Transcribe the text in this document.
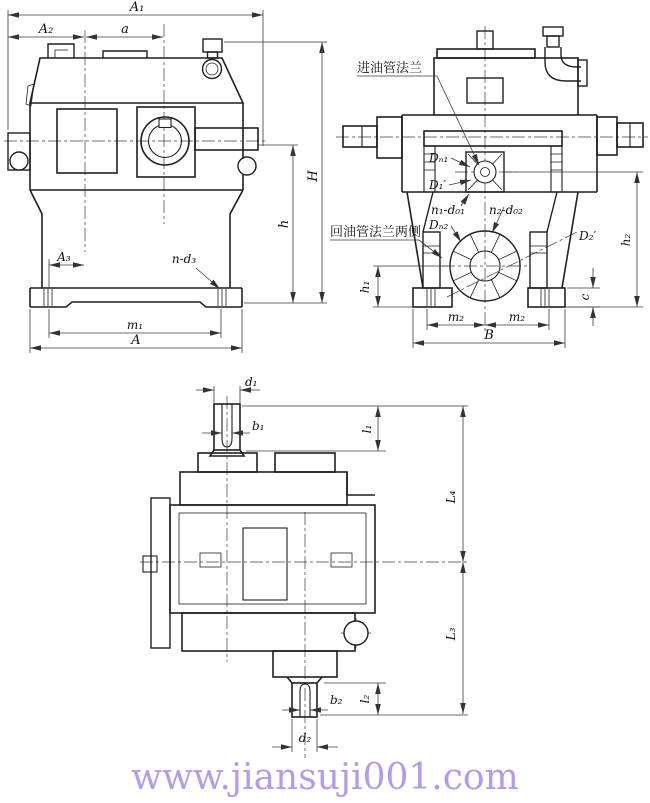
A₁
A₂	a
A₃	n-d₃
m₁
A
h
H
进油管法兰
Dₙ₁
D₁′
n₁-d₀₁ n₂-d₀₂
回油管法兰两侧 Dₙ₂
D₂′
h₁
h₂
c
m₂	m₂
B
d₁
b₁	l₁
L₄
L₃
l₂
b₂
d₂
www.jiansuji001.com
